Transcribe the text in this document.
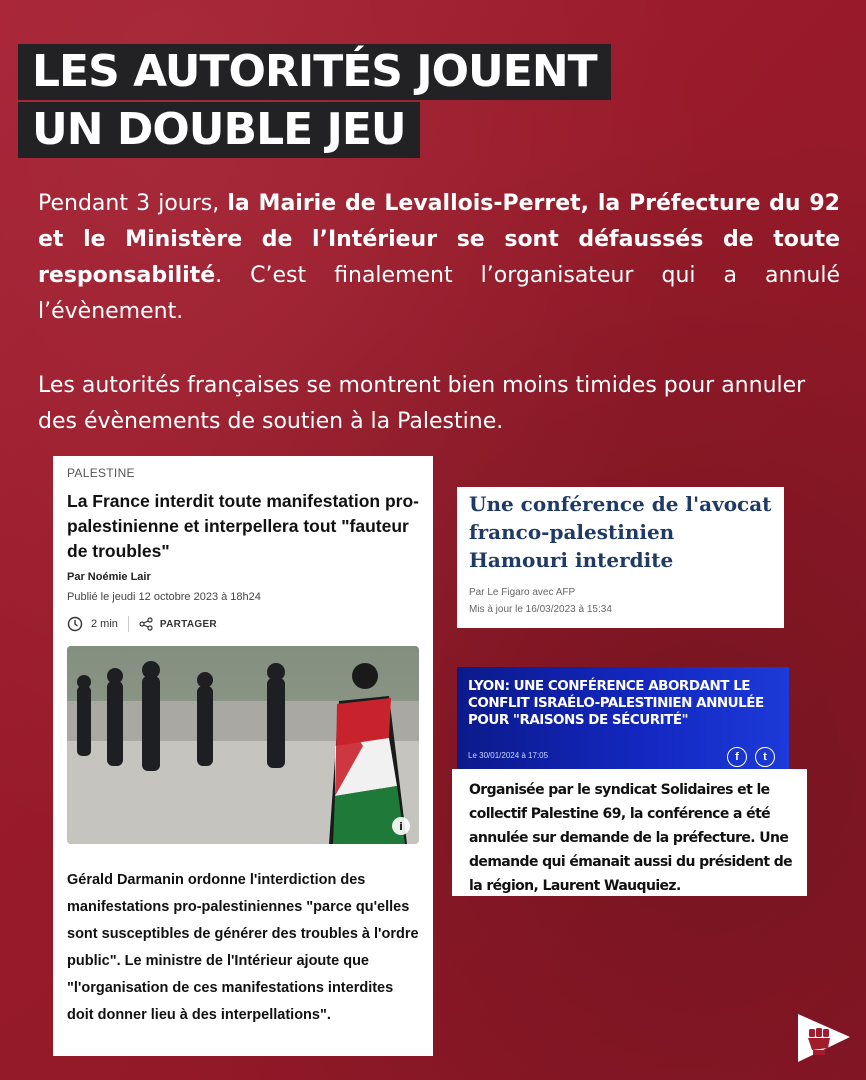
LES AUTORITÉS JOUENT
UN DOUBLE JEU
Pendant 3 jours, la Mairie de Levallois-Perret, la Préfecture du 92 et le Ministère de l’Intérieur se sont défaussés de toute responsabilité. C’est finalement l’organisateur qui a annulé l’évènement.
Les autorités françaises se montrent bien moins timides pour annuler des évènements de soutien à la Palestine.
PALESTINE
La France interdit toute manifestation pro-palestinienne et interpellera tout "fauteur de troubles"
Par Noémie Lair
Publié le jeudi 12 octobre 2023 à 18h24
2 min	PARTAGER
i
Gérald Darmanin ordonne l'interdiction des manifestations pro-palestiniennes "parce qu'elles sont susceptibles de générer des troubles à l'ordre public". Le ministre de l'Intérieur ajoute que "l'organisation de ces manifestations interdites doit donner lieu à des interpellations".
Une conférence de l'avocat franco-palestinien Hamouri interdite
Par Le Figaro avec AFP
Mis à jour le 16/03/2023 à 15:34
LYON: UNE CONFÉRENCE ABORDANT LE CONFLIT ISRAÉLO-PALESTINIEN ANNULÉE POUR "RAISONS DE SÉCURITÉ"
Le 30/01/2024 à 17:05	f	t
Organisée par le syndicat Solidaires et le collectif Palestine 69, la conférence a été annulée sur demande de la préfecture. Une demande qui émanait aussi du président de la région, Laurent Wauquiez.
